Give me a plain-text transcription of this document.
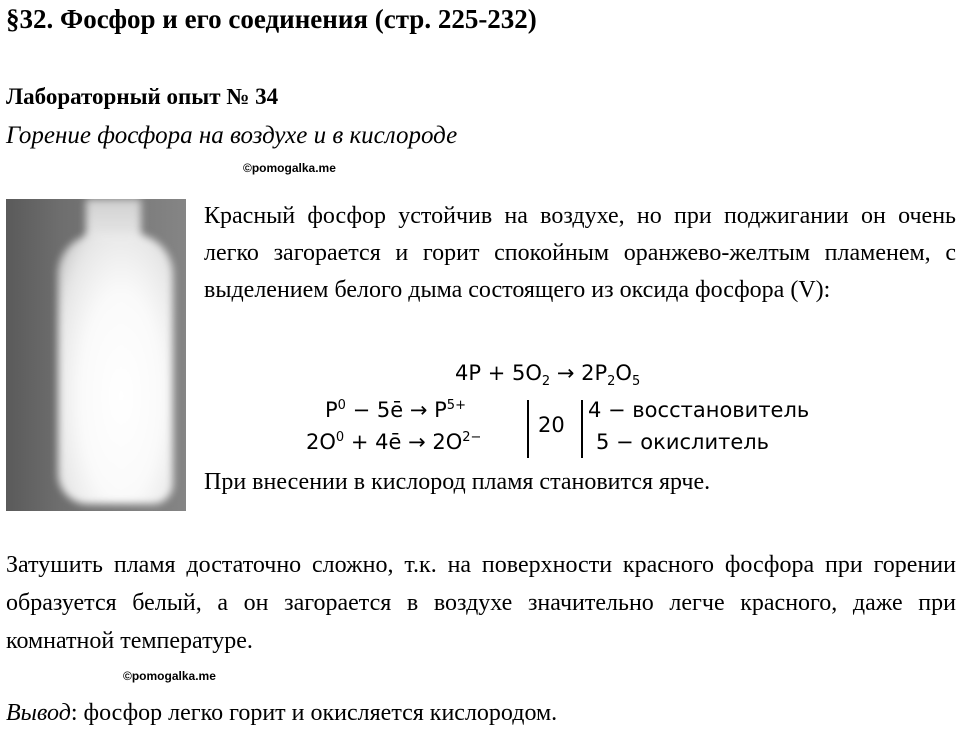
§32. Фосфор и его соединения (стр. 225-232)
Лабораторный опыт № 34
Горение фосфора на воздухе и в кислороде
©pomogalka.me
Красный фосфор устойчив на воздухе, но при поджигании он очень легко загорается и горит спокойным оранжево-желтым пламенем, с выделением белого дыма состоящего из оксида фосфора (V):
$4P + 5O_2 \to 2P_2O_5$
$P^0$ − 5ē → $P^{5+}$
$2O^0$ + 4ē → $2O^{2-}$
20
4 − восстановитель
5 − окислитель
При внесении в кислород пламя становится ярче.
Затушить пламя достаточно сложно, т.к. на поверхности красного фосфора при горении образуется белый, а он загорается в воздухе значительно легче красного, даже при комнатной температуре.
©pomogalka.me
Вывод: фосфор легко горит и окисляется кислородом.
